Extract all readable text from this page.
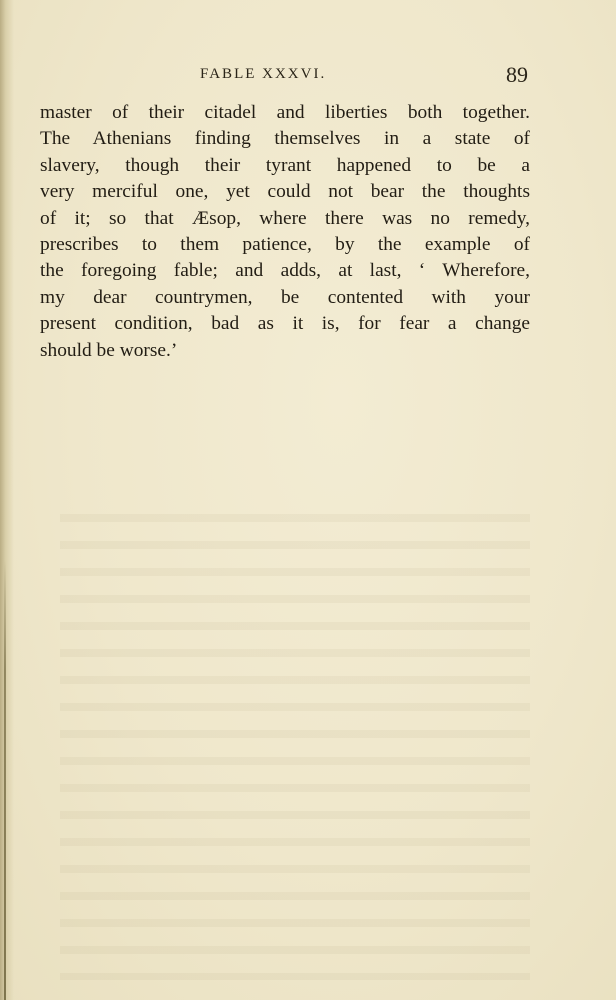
FABLE XXXVI.	89
master of their citadel and liberties both together.
The Athenians finding themselves in a state of
slavery, though their tyrant happened to be a
very merciful one, yet could not bear the thoughts
of it; so that Æsop, where there was no remedy,
prescribes to them patience, by the example of
the foregoing fable; and adds, at last, ‘ Wherefore,
my dear countrymen, be contented with your
present condition, bad as it is, for fear a change
should be worse.’
